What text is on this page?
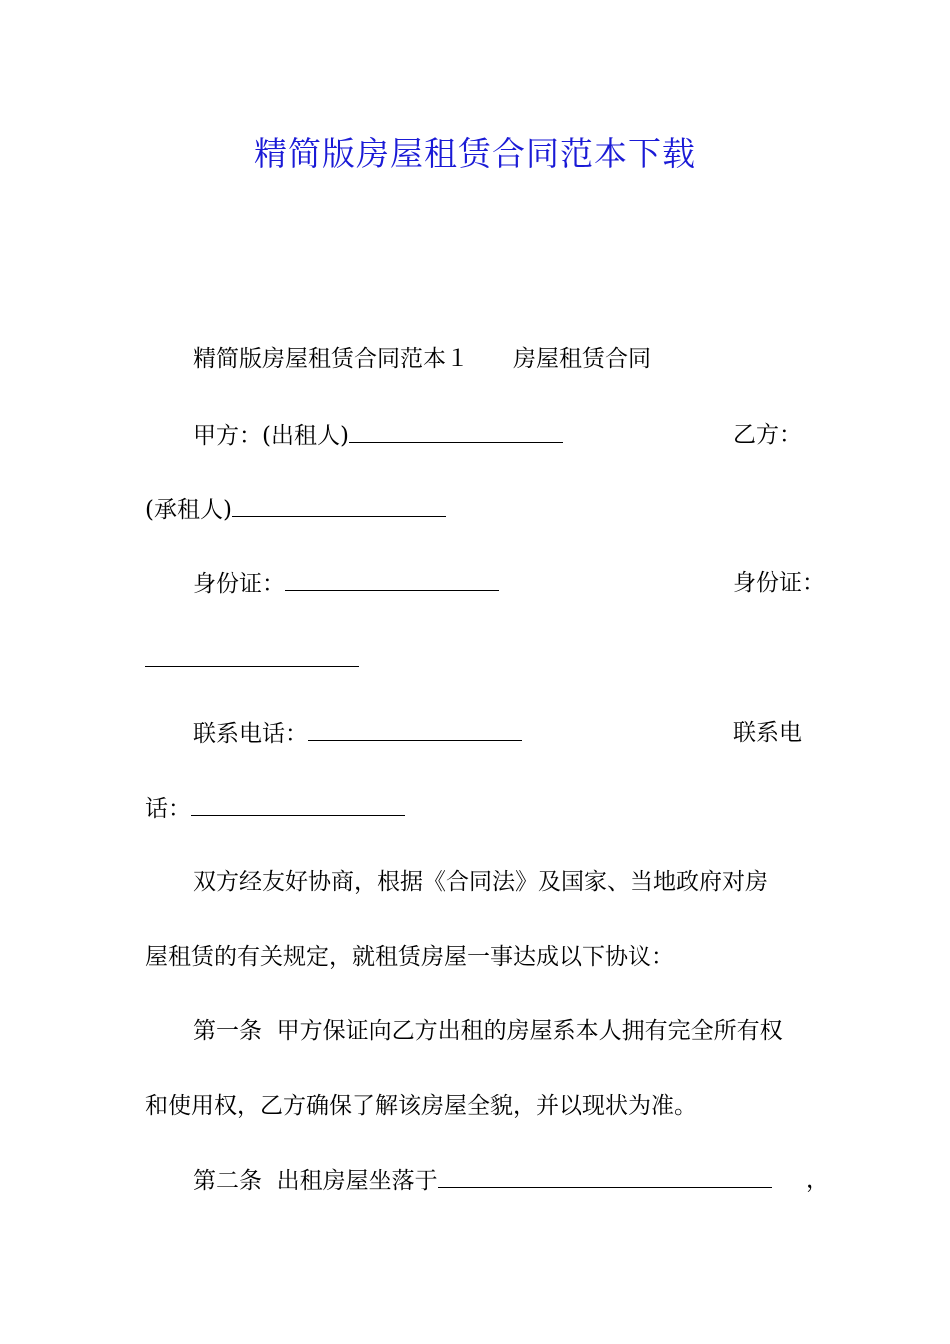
精简版房屋租赁合同范本下载
精简版房屋租赁合同范本１ 房屋租赁合同
甲方：(出租人)	乙方：
(承租人)
身份证：	身份证：
联系电话：	联系电
话：
双方经友好协商，根据《合同法》及国家、当地政府对房
屋租赁的有关规定，就租赁房屋一事达成以下协议：
第一条  甲方保证向乙方出租的房屋系本人拥有完全所有权
和使用权，乙方确保了解该房屋全貌，并以现状为准。
第二条  出租房屋坐落于	，
